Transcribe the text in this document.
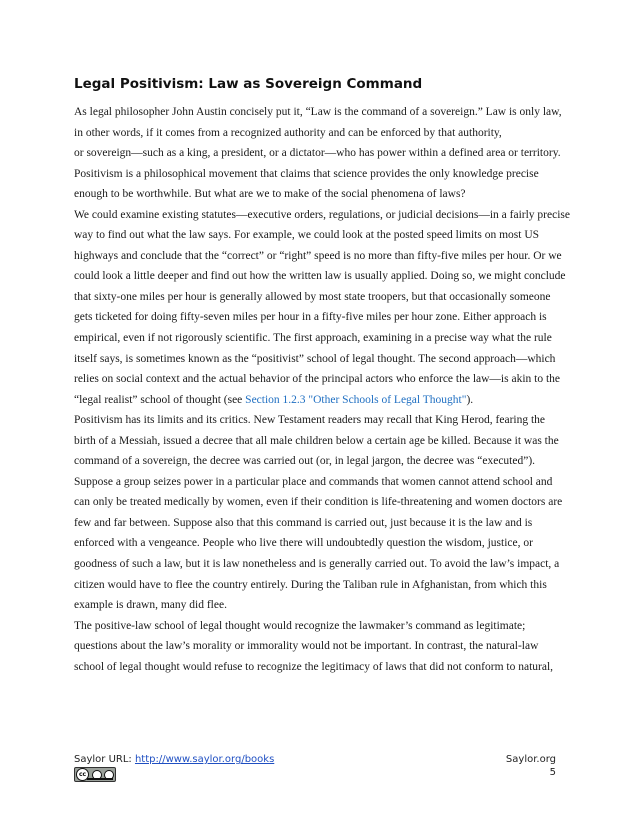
Legal Positivism: Law as Sovereign Command
As legal philosopher John Austin concisely put it, “Law is the command of a sovereign.” Law is only law,
in other words, if it comes from a recognized authority and can be enforced by that authority,
or sovereign—such as a king, a president, or a dictator—who has power within a defined area or territory.
Positivism is a philosophical movement that claims that science provides the only knowledge precise
enough to be worthwhile. But what are we to make of the social phenomena of laws?
We could examine existing statutes—executive orders, regulations, or judicial decisions—in a fairly precise
way to find out what the law says. For example, we could look at the posted speed limits on most US
highways and conclude that the “correct” or “right” speed is no more than fifty-five miles per hour. Or we
could look a little deeper and find out how the written law is usually applied. Doing so, we might conclude
that sixty-one miles per hour is generally allowed by most state troopers, but that occasionally someone
gets ticketed for doing fifty-seven miles per hour in a fifty-five miles per hour zone. Either approach is
empirical, even if not rigorously scientific. The first approach, examining in a precise way what the rule
itself says, is sometimes known as the “positivist” school of legal thought. The second approach—which
relies on social context and the actual behavior of the principal actors who enforce the law—is akin to the
“legal realist” school of thought (see Section 1.2.3 "Other Schools of Legal Thought").
Positivism has its limits and its critics. New Testament readers may recall that King Herod, fearing the
birth of a Messiah, issued a decree that all male children below a certain age be killed. Because it was the
command of a sovereign, the decree was carried out (or, in legal jargon, the decree was “executed”).
Suppose a group seizes power in a particular place and commands that women cannot attend school and
can only be treated medically by women, even if their condition is life-threatening and women doctors are
few and far between. Suppose also that this command is carried out, just because it is the law and is
enforced with a vengeance. People who live there will undoubtedly question the wisdom, justice, or
goodness of such a law, but it is law nonetheless and is generally carried out. To avoid the law’s impact, a
citizen would have to flee the country entirely. During the Taliban rule in Afghanistan, from which this
example is drawn, many did flee.
The positive-law school of legal thought would recognize the lawmaker’s command as legitimate;
questions about the law’s morality or immorality would not be important. In contrast, the natural-law
school of legal thought would refuse to recognize the legitimacy of laws that did not conform to natural,
Saylor URL: http://www.saylor.org/books	Saylor.org
5
cc
